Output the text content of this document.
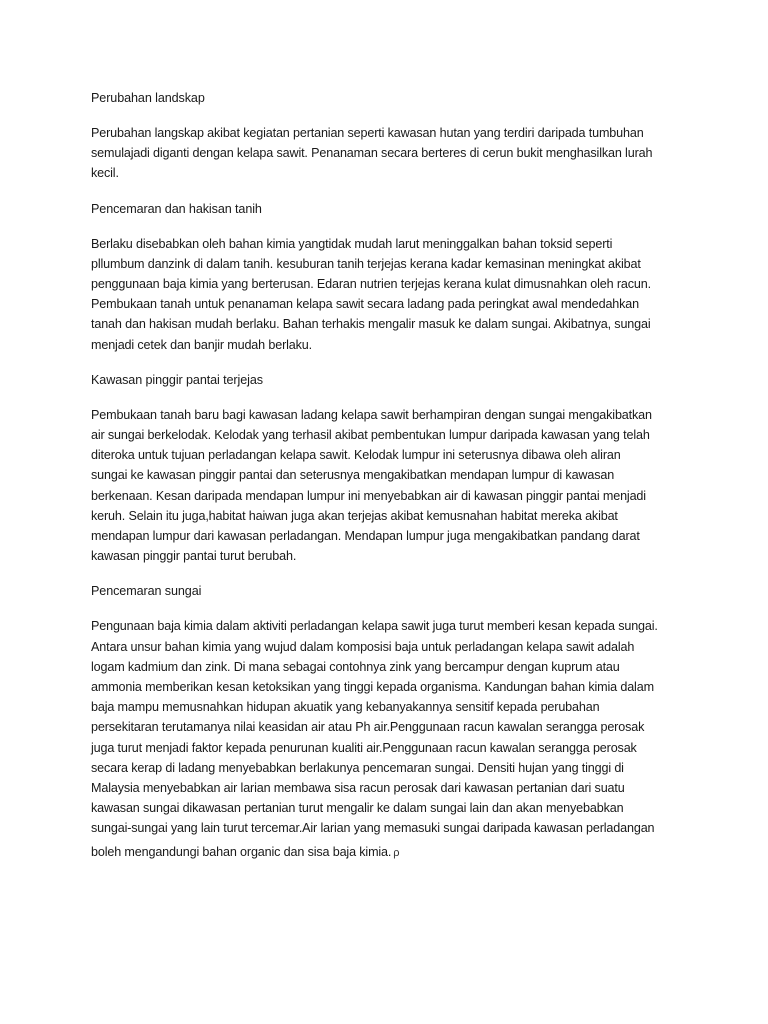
Perubahan landskap
Perubahan langskap akibat kegiatan pertanian seperti kawasan hutan yang terdiri daripada tumbuhan
semulajadi diganti dengan kelapa sawit. Penanaman secara berteres di cerun bukit menghasilkan lurah
kecil.
Pencemaran dan hakisan tanih
Berlaku disebabkan oleh bahan kimia yangtidak mudah larut meninggalkan bahan toksid seperti
pllumbum danzink di dalam tanih. kesuburan tanih terjejas kerana kadar kemasinan meningkat akibat
penggunaan baja kimia yang berterusan. Edaran nutrien terjejas kerana kulat dimusnahkan oleh racun.
Pembukaan tanah untuk penanaman kelapa sawit secara ladang pada peringkat awal mendedahkan
tanah dan hakisan mudah berlaku. Bahan terhakis mengalir masuk ke dalam sungai. Akibatnya, sungai
menjadi cetek dan banjir mudah berlaku.
Kawasan pinggir pantai terjejas
Pembukaan tanah baru bagi kawasan ladang kelapa sawit berhampiran dengan sungai mengakibatkan
air sungai berkelodak. Kelodak yang terhasil akibat pembentukan lumpur daripada kawasan yang telah
diteroka untuk tujuan perladangan kelapa sawit. Kelodak lumpur ini seterusnya dibawa oleh aliran
sungai ke kawasan pinggir pantai dan seterusnya mengakibatkan mendapan lumpur di kawasan
berkenaan. Kesan daripada mendapan lumpur ini menyebabkan air di kawasan pinggir pantai menjadi
keruh. Selain itu juga,habitat haiwan juga akan terjejas akibat kemusnahan habitat mereka akibat
mendapan lumpur dari kawasan perladangan. Mendapan lumpur juga mengakibatkan pandang darat
kawasan pinggir pantai turut berubah.
Pencemaran sungai
Pengunaan baja kimia dalam aktiviti perladangan kelapa sawit juga turut memberi kesan kepada sungai.
Antara unsur bahan kimia yang wujud dalam komposisi baja untuk perladangan kelapa sawit adalah
logam kadmium dan zink. Di mana sebagai contohnya zink yang bercampur dengan kuprum atau
ammonia memberikan kesan ketoksikan yang tinggi kepada organisma. Kandungan bahan kimia dalam
baja mampu memusnahkan hidupan akuatik yang kebanyakannya sensitif kepada perubahan
persekitaran terutamanya nilai keasidan air atau Ph air.Penggunaan racun kawalan serangga perosak
juga turut menjadi faktor kepada penurunan kualiti air.Penggunaan racun kawalan serangga perosak
secara kerap di ladang menyebabkan berlakunya pencemaran sungai. Densiti hujan yang tinggi di
Malaysia menyebabkan air larian membawa sisa racun perosak dari kawasan pertanian dari suatu
kawasan sungai dikawasan pertanian turut mengalir ke dalam sungai lain dan akan menyebabkan
sungai-sungai yang lain turut tercemar.Air larian yang memasuki sungai daripada kawasan perladangan
boleh mengandungi bahan organic dan sisa baja kimia. ρ
